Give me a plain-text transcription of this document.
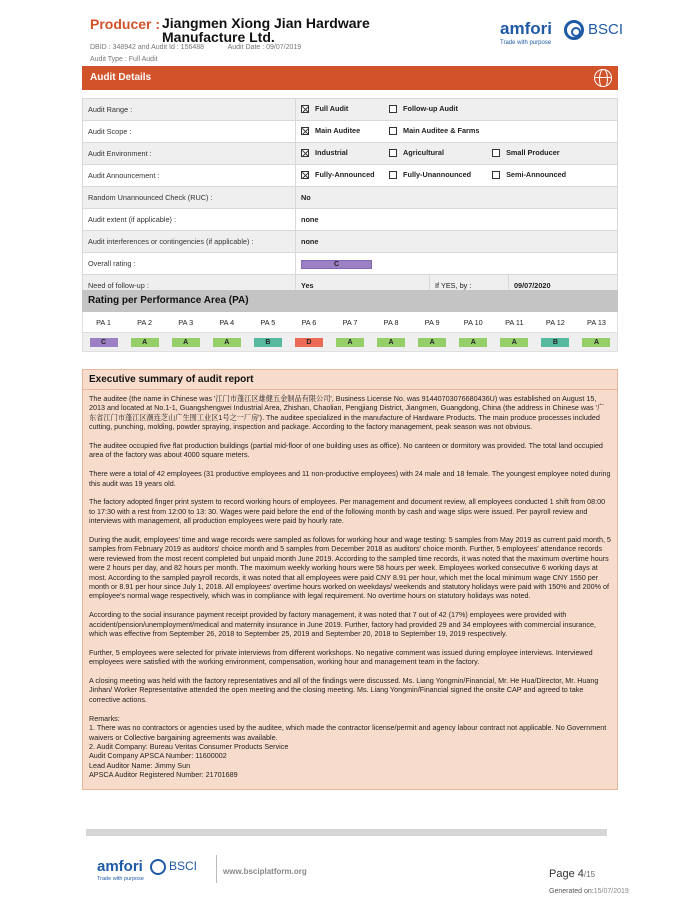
Producer : Jiangmen Xiong Jian Hardware Manufacture Ltd.
DBID : 348942 and Audit Id : 156488	Audit Date : 09/07/2019
Audit Type : Full Audit
amfori BSCI
Trade with purpose
Audit Details
Audit Range :	Full Audit
Follow-up Audit		

Audit Scope :	Main Auditee
Main Auditee & Farms		

Audit Environment :	Industrial
Agricultural
Small Producer		

Audit Announcement :	Fully-Announced
Fully-Unannounced
Semi-Announced		

Random Unannounced Check (RUC) :	No		
Audit extent (if applicable) :	none		
Audit interferences or contingencies (if applicable) :	none		
Overall rating :	C		
Need of follow-up :	Yes	If YES, by :	09/07/2020
Rating per Performance Area (PA)
PA 1	PA 2	PA 3	PA 4	PA 5	PA 6	PA 7	PA 8	PA 9	PA 10	PA 11	PA 12	PA 13
C	A	A	A	B	D	A	A	A	A	A	B	A
Executive summary of audit report

The auditee (the name in Chinese was '江门市蓬江区雄健五金制品有限公司', Business License No. was 91440703076680436U) was established on August 15, 2013 and located at No.1-1, Guangshengwei Industrial Area, Zhishan, Chaolian, Pengjiang District, Jiangmen, Guangdong, China (the address in Chinese was '广东省江门市蓬江区潮连芝山广生围工业区1号之一厂房'). The auditee specialized in the manufacture of Hardware Products. The main produce processes included cutting, punching, molding, powder spraying, inspection and package. According to the factory management, peak season was not obvious.

The auditee occupied five flat production buildings (partial mid-floor of one building uses as office). No canteen or dormitory was provided. The total land occupied area of the factory was about 4000 square meters.

There were a total of 42 employees (31 productive employees and 11 non-productive employees) with 24 male and 18 female. The youngest employee noted during this audit was 19 years old.

The factory adopted finger print system to record working hours of employees. Per management and document review, all employees conducted 1 shift from 08:00 to 17:30 with a rest from 12:00 to 13: 30. Wages were paid before the end of the following month by cash and wage slips were issued. Per payroll review and interviews with management, all production employees were paid by hourly rate.

During the audit, employees' time and wage records were sampled as follows for working hour and wage testing: 5 samples from May 2019 as current paid month, 5 samples from February 2019 as auditors' choice month and 5 samples from December 2018 as auditors' choice month. Further, 5 employees' attendance records were reviewed from the most recent completed but unpaid month June 2019. According to the sampled time records, it was noted that the maximum overtime hours were 2 hours per day, and 82 hours per month. The maximum weekly working hours were 58 hours per week. Employees worked consecutive 6 working days at most. According to the sampled payroll records, it was noted that all employees were paid CNY 8.91 per hour, which met the local minimum wage CNY 1550 per month or 8.91 per hour since July 1, 2018. All employees' overtime hours worked on weekdays/ weekends and statutory holidays were paid with 150% and 200% of employee's normal wage respectively, which was in compliance with legal requirement. No overtime hours on statutory holidays was noted.

According to the social insurance payment receipt provided by factory management, it was noted that 7 out of 42 (17%) employees were provided with accident/pension/unemployment/medical and maternity insurance in June 2019. Further, factory had provided 29 and 34 employees with commercial insurance, which was effective from September 26, 2018 to September 25, 2019 and September 20, 2018 to September 19, 2019 respectively.

Further, 5 employees were selected for private interviews from different workshops. No negative comment was issued during employee interviews. Interviewed employees were satisfied with the working environment, compensation, working hour and management team in the factory.

A closing meeting was held with the factory representatives and all of the findings were discussed. Ms. Liang Yongmin/Financial, Mr. He Hua/Director, Mr. Huang Jinhan/ Worker Representative attended the open meeting and the closing meeting. Ms. Liang Yongmin/Financial signed the onsite CAP and agreed to take corrective actions.

Remarks:
1. There was no contractors or agencies used by the auditee, which made the contractor license/permit and agency labour contract not applicable. No Government waivers or Collective bargaining agreements was available.
2. Audit Company: Bureau Veritas Consumer Products Service
Audit Company APSCA Number: 11600002
Lead Auditor Name: Jimmy Sun
APSCA Auditor Registered Number: 21701689

amfori BSCI
Trade with purpose
www.bsciplatform.org	Page 4/15
Generated on:15/07/2019
